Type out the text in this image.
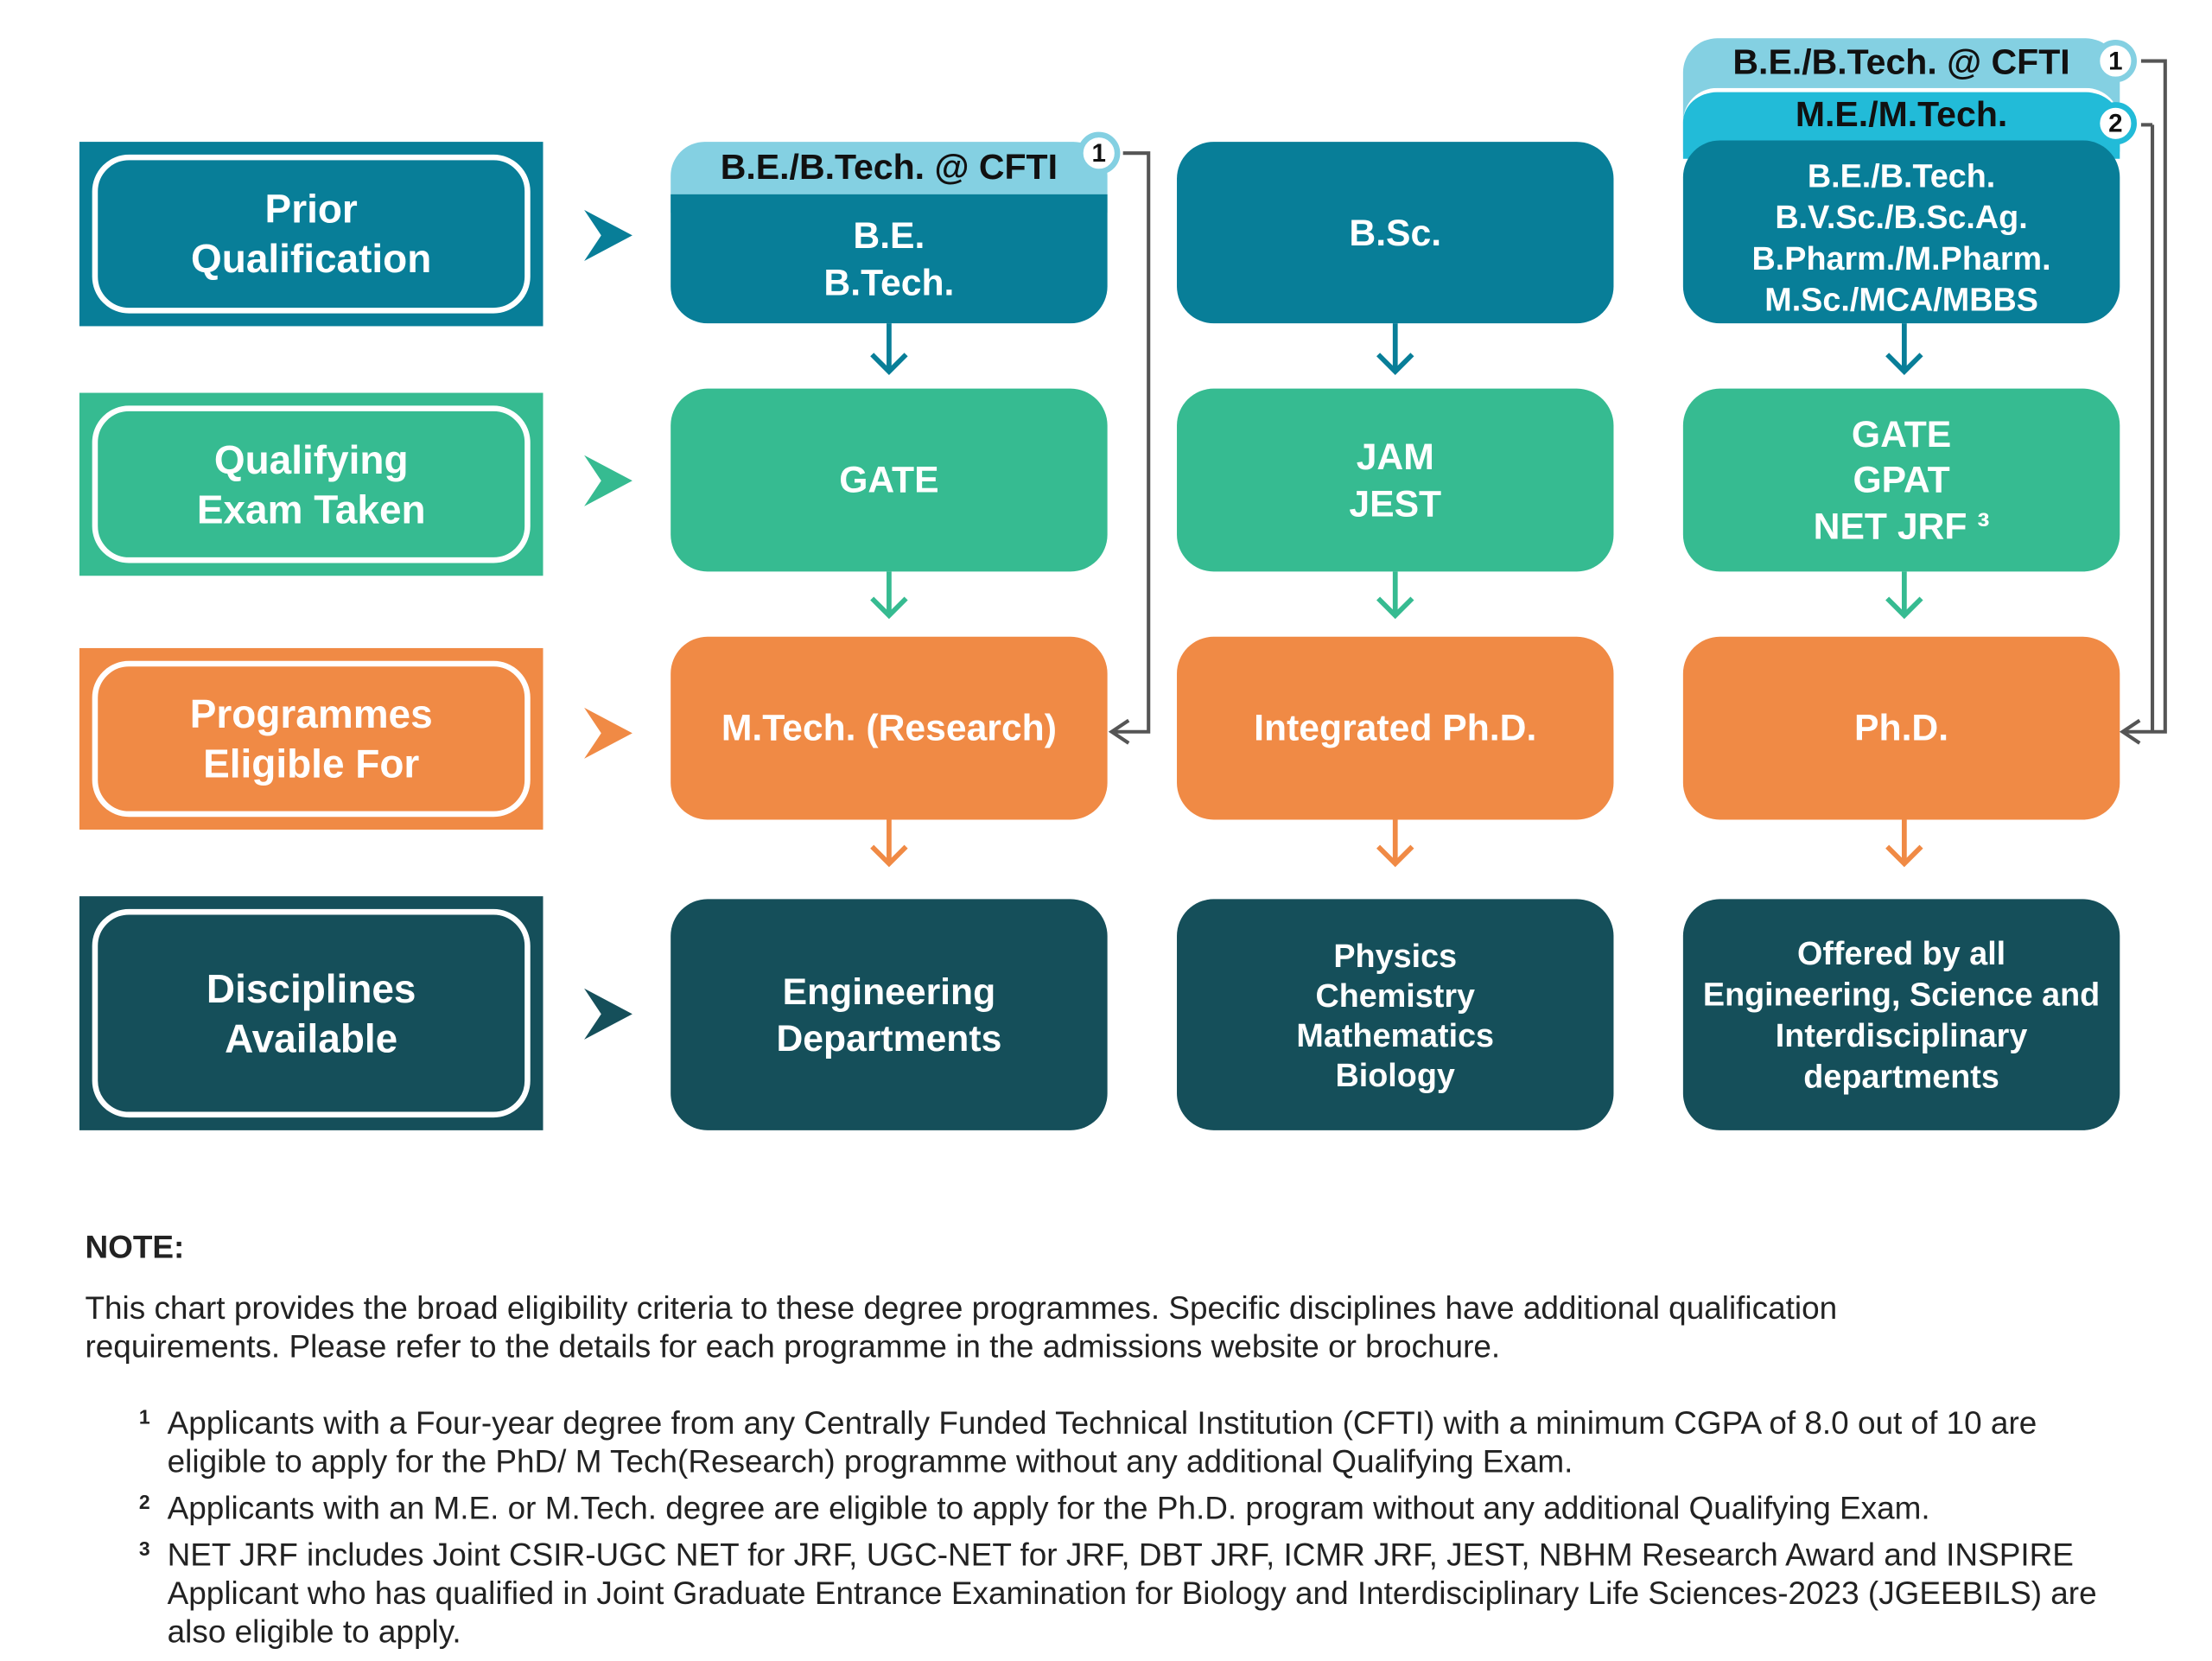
Prior
Qualification
Qualifying
Exam Taken
Programmes
Eligible For
Disciplines
Available
B.E./B.Tech. @ CFTI
M.E./M.Tech.
1
2
B.E./B.Tech. @ CFTI	1
B.E.
B.Tech.
B.Sc.
B.E./B.Tech.
B.V.Sc./B.Sc.Ag.
B.Pharm./M.Pharm.
M.Sc./MCA/MBBS
GATE
JAM
JEST
GATE
GPAT
NET JRF ³
M.Tech. (Research)	Integrated Ph.D.	Ph.D.
Engineering
Departments
Physics
Chemistry
Mathematics
Biology
Offered by all
Engineering, Science and
Interdisciplinary
departments
NOTE:

This chart provides the broad eligibility criteria to these degree programmes. Specific disciplines have additional qualification requirements. Please refer to the details for each programme in the admissions website or brochure.

1 Applicants with a Four-year degree from any Centrally Funded Technical Institution (CFTI) with a minimum CGPA of 8.0 out of 10 are eligible to apply for the PhD/ M Tech(Research) programme without any additional Qualifying Exam.
2 Applicants with an M.E. or M.Tech. degree are eligible to apply for the Ph.D. program without any additional Qualifying Exam.
3 NET JRF includes Joint CSIR-UGC NET for JRF, UGC-NET for JRF, DBT JRF, ICMR JRF, JEST, NBHM Research Award and INSPIRE Applicant who has qualified in Joint Graduate Entrance Examination for Biology and Interdisciplinary Life Sciences-2023 (JGEEBILS) are also eligible to apply.
